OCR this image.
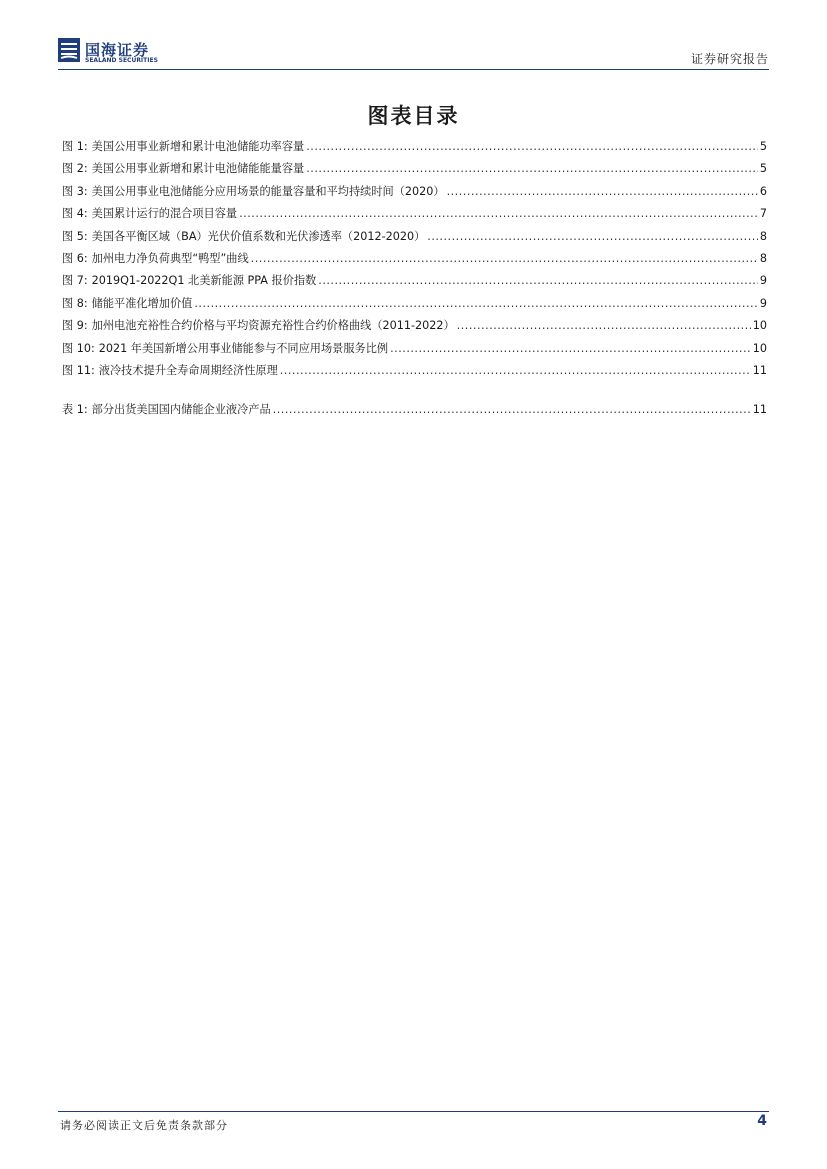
国海证券
SEALAND SECURITIES	证券研究报告
图表目录
图 1: 美国公用事业新增和累计电池储能功率容量 .....	5
图 2: 美国公用事业新增和累计电池储能能量容量 .....	5
图 3: 美国公用事业电池储能分应用场景的能量容量和平均持续时间（2020） .....	6
图 4: 美国累计运行的混合项目容量 .....	7
图 5: 美国各平衡区域（BA）光伏价值系数和光伏渗透率（2012-2020） .....	8
图 6: 加州电力净负荷典型“鸭型”曲线 .....	8
图 7: 2019Q1-2022Q1 北美新能源 PPA 报价指数 .....	9
图 8: 储能平准化增加价值 .....	9
图 9: 加州电池充裕性合约价格与平均资源充裕性合约价格曲线（2011-2022） .....	10
图 10: 2021 年美国新增公用事业储能参与不同应用场景服务比例 .....	10
图 11: 液冷技术提升全寿命周期经济性原理 .....	11
表 1: 部分出货美国国内储能企业液冷产品 .....	11
请务必阅读正文后免责条款部分	4
